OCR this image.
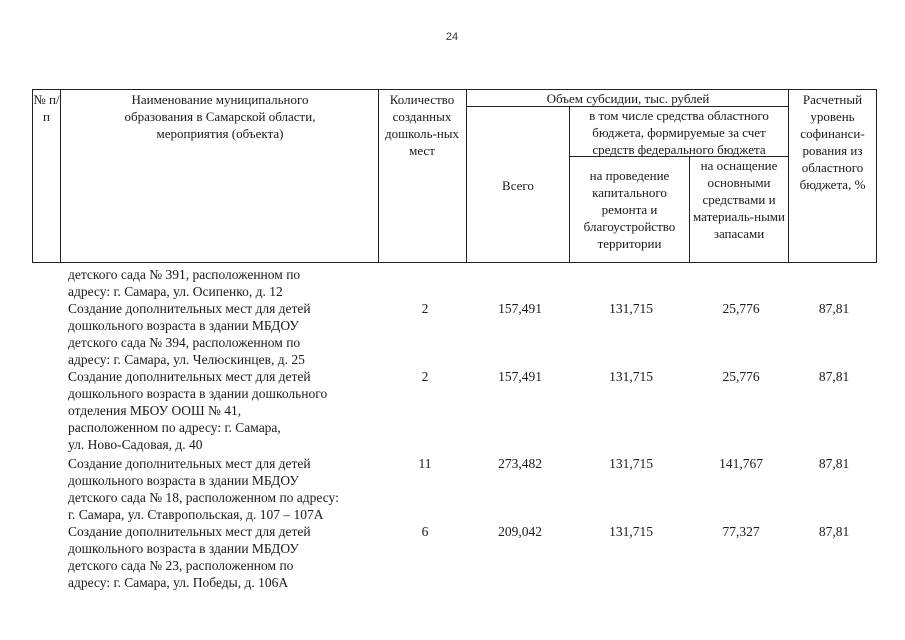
24
№ п/п
Наименование муниципального образования в Самарской области, мероприятия (объекта)
Количество созданных дошколь-ных мест
Объем субсидии, тыс. рублей
Всего
в том числе средства областного бюджета, формируемые за счет средств федерального бюджета
на проведение капитального ремонта и благоустройство территории
на оснащение основными средствами и материаль-ными запасами
Расчетный уровень софинанси-рования из областного бюджета, %
детского сада № 391, расположенном по
адресу: г. Самара, ул. Осипенко, д. 12
Создание дополнительных мест для детей
дошкольного возраста в здании МБДОУ
детского сада № 394, расположенном по
адресу: г. Самара, ул. Челюскинцев, д. 25
2	157,491	131,715	25,776	87,81
Создание дополнительных мест для детей
дошкольного возраста в здании дошкольного
отделения МБОУ ООШ № 41,
расположенном по адресу: г. Самара,
ул. Ново-Садовая, д. 40
2	157,491	131,715	25,776	87,81
Создание дополнительных мест для детей
дошкольного возраста в здании МБДОУ
детского сада № 18, расположенном по адресу:
г. Самара, ул. Ставропольская, д. 107 – 107А
11	273,482	131,715	141,767	87,81
Создание дополнительных мест для детей
дошкольного возраста в здании МБДОУ
детского сада № 23, расположенном по
адресу: г. Самара, ул. Победы, д. 106А
6	209,042	131,715	77,327	87,81
